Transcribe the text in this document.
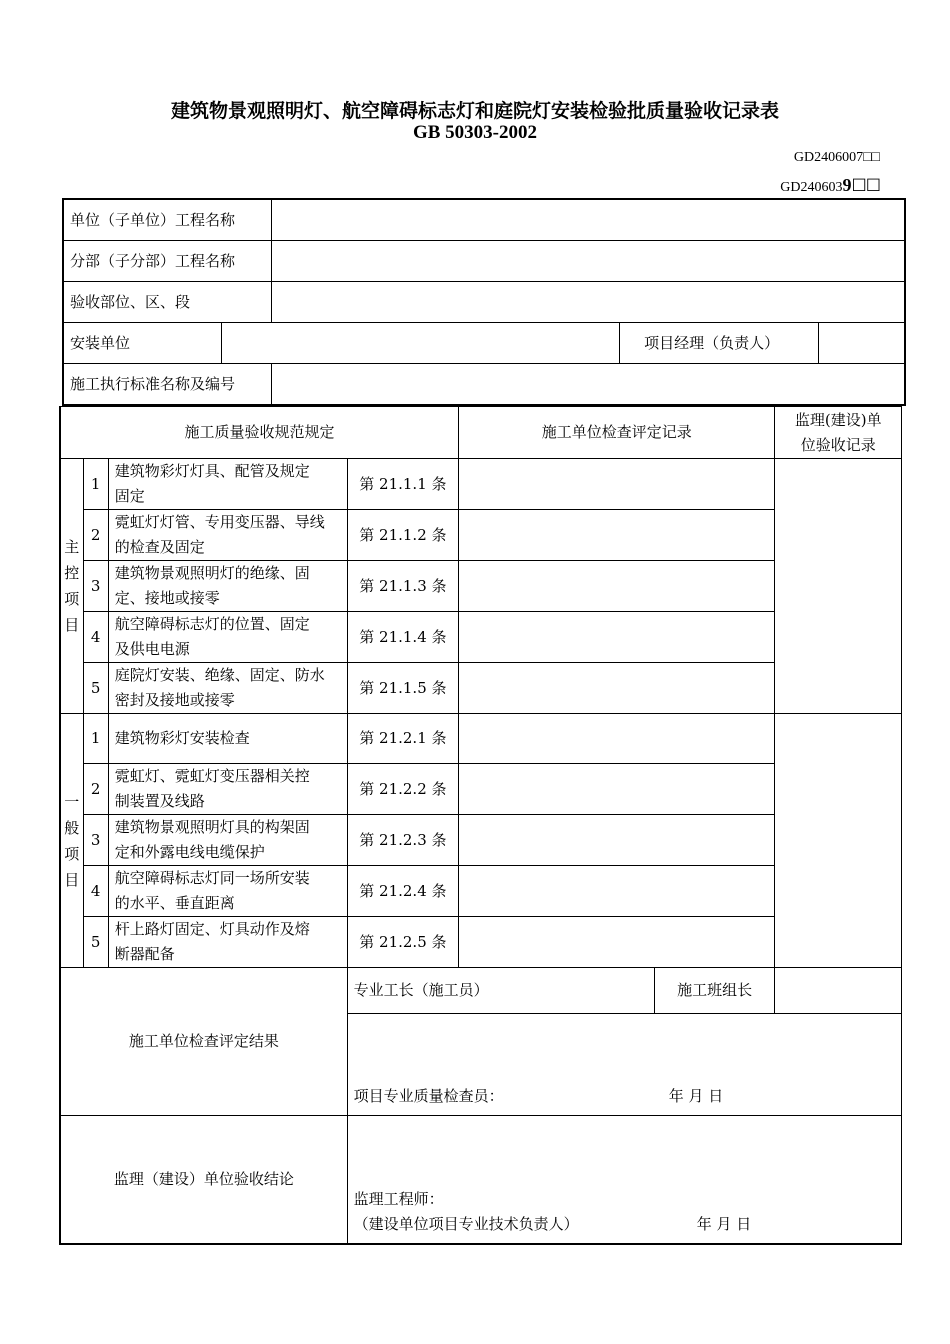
建筑物景观照明灯、航空障碍标志灯和庭院灯安装检验批质量验收记录表
GB 50303-2002
GD2406007□□
GD2406039☐☐
单位（子单位）工程名称				
分部（子分部）工程名称				
验收部位、区、段				
安装单位			项目经理（负责人）	
施工执行标准名称及编号				
施工质量验收规范规定				施工单位检查评定记录		监理(建设)单
位验收记录
主
控
项
目	1	建筑物彩灯灯具、配管及规定
固定	第 21.1.1 条			
	2	霓虹灯灯管、专用变压器、导线
的检查及固定	第 21.1.2 条			
	3	建筑物景观照明灯的绝缘、固
定、接地或接零	第 21.1.3 条			
	4	航空障碍标志灯的位置、固定
及供电电源	第 21.1.4 条			
	5	庭院灯安装、绝缘、固定、防水
密封及接地或接零	第 21.1.5 条			
一
般
项
目	1	建筑物彩灯安装检查	第 21.2.1 条			
	2	霓虹灯、霓虹灯变压器相关控
制装置及线路	第 21.2.2 条			
	3	建筑物景观照明灯具的构架固
定和外露电线电缆保护	第 21.2.3 条			
	4	航空障碍标志灯同一场所安装
的水平、垂直距离	第 21.2.4 条			
	5	杆上路灯固定、灯具动作及熔
断器配备	第 21.2.5 条			
施工单位检查评定结果			专业工长（施工员）		施工班组长	
			项目专业质量检查员： 年 月 日			
监理（建设）单位验收结论			监理工程师：
（建设单位项目专业技术负责人） 年 月 日			
